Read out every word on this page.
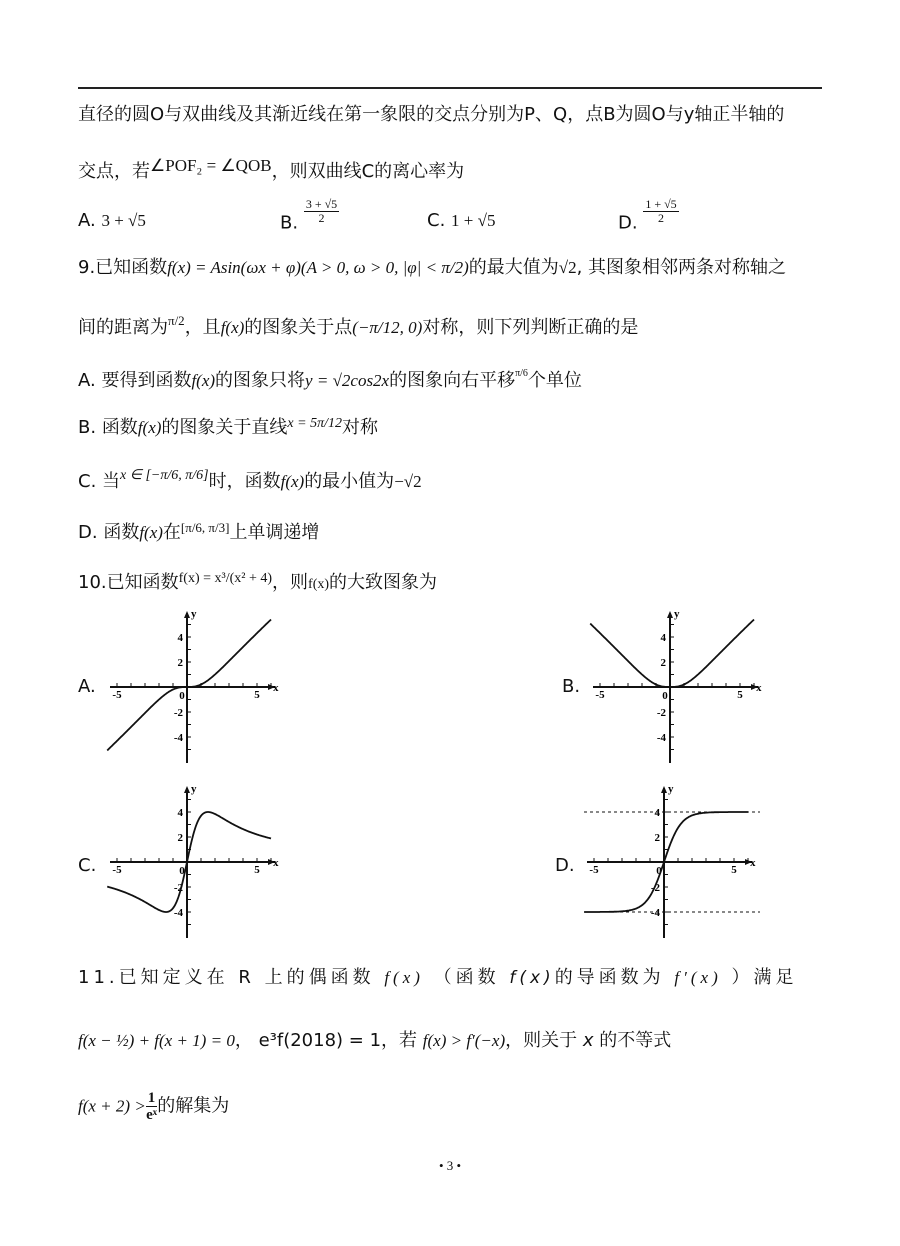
直径的圆O与双曲线及其渐近线在第一象限的交点分别为P、Q，点B为圆O与y轴正半轴的
交点，若∠POF₂ = ∠QOB，则双曲线C的离心率为
A. 3 + √5	B. $\frac{3 + √5}{2}$	C. 1 + √5	D. $\frac{1 + √5}{2}$
9.已知函数f(x) = Asin(ωx + φ)(A > 0, ω > 0, |φ| < π/2)的最大值为√2, 其图象相邻两条对称轴之
间的距离为$^{\pi/2}$，且f(x)的图象关于点(−π/12, 0)对称，则下列判断正确的是
A. 要得到函数f(x)的图象只将y = √2cos2x的图象向右平移$^{\pi/6}$个单位
B. 函数f(x)的图象关于直线$^{x = 5\pi/12}$对称
C. 当$^{x \in [-\pi/6, \pi/6]}$时，函数f(x)的最小值为−√2
D. 函数f(x)在[π/6, π/3]上单调递增
10.已知函数$^{f(x) = x^3/(x^2 + 4)}$，则f(x)的大致图象为
A. -5	0	5
x
y
4
2
-2
-4
B. -5	0	5
x
y
4
2
-2
-4
C. -5	0	5
x
y
4
2
-2
-4
D. -5	0	5
x
y
4
2
-2
-4
11.已知定义在 R 上的偶函数 f(x) （函数 f(x)的导函数为 f′(x) ）满足
f(x − ½) + f(x + 1) = 0， e³f(2018) = 1，若 f(x) > f′(−x)，则关于 x 的不等式
$f(x + 2) > \frac{1}{\text{eˣ}}$ 的解集为
• 3 •
